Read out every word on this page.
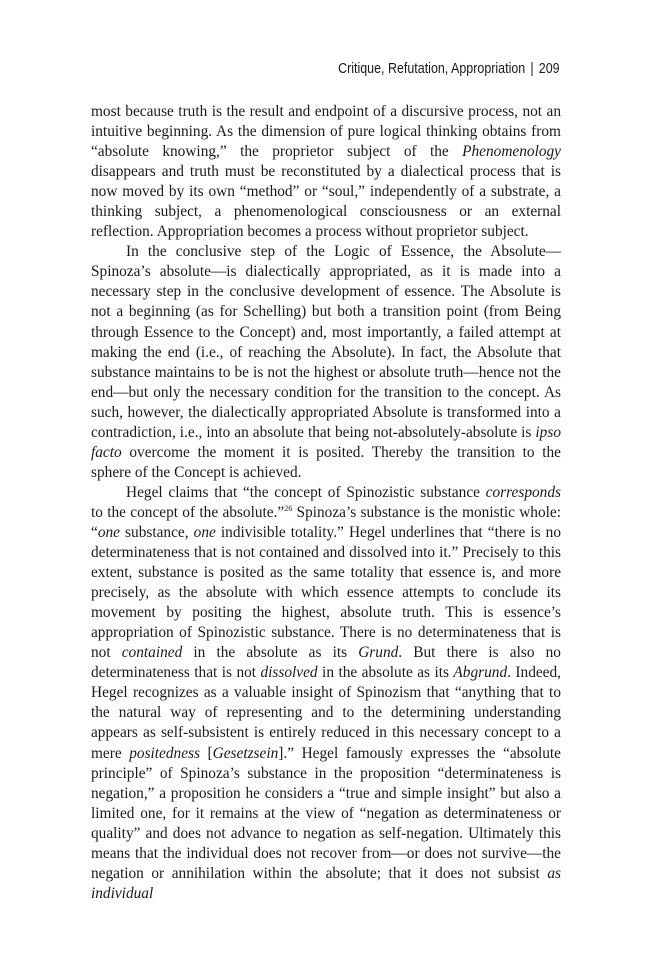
Critique, Refutation, Appropriation | 209

most because truth is the result and endpoint of a discursive process, not an intuitive beginning. As the dimension of pure logical thinking obtains from “absolute knowing,” the proprietor subject of the Phenomenology disappears and truth must be reconstituted by a dialectical process that is now moved by its own “method” or “soul,” independently of a substrate, a thinking subject, a phenomenological consciousness or an external reflection. Appropriation becomes a process without proprietor subject.

In the conclusive step of the Logic of Essence, the Absolute—Spinoza’s absolute—is dialectically appropriated, as it is made into a necessary step in the conclusive development of essence. The Absolute is not a beginning (as for Schelling) but both a transition point (from Being through Essence to the Concept) and, most importantly, a failed attempt at making the end (i.e., of reaching the Absolute). In fact, the Absolute that substance maintains to be is not the highest or absolute truth—hence not the end—but only the necessary condition for the transition to the concept. As such, however, the dialectically appropriated Absolute is transformed into a contradiction, i.e., into an absolute that being not-absolutely-absolute is ipso facto overcome the moment it is posited. Thereby the transition to the sphere of the Concept is achieved.

Hegel claims that “the concept of Spinozistic substance corresponds to the concept of the absolute.”$^{26}$ Spinoza’s substance is the monistic whole: “one substance, one indivisible totality.” Hegel underlines that “there is no determinateness that is not contained and dissolved into it.” Precisely to this extent, substance is posited as the same totality that essence is, and more precisely, as the absolute with which essence attempts to conclude its movement by positing the highest, absolute truth. This is essence’s appropriation of Spinozistic substance. There is no determinateness that is not contained in the absolute as its Grund. But there is also no determinateness that is not dissolved in the absolute as its Abgrund. Indeed, Hegel recognizes as a valuable insight of Spinozism that “anything that to the natural way of representing and to the determining understanding appears as self-subsistent is entirely reduced in this necessary concept to a mere positedness [Gesetzsein].” Hegel famously expresses the “absolute principle” of Spinoza’s substance in the proposition “determinateness is negation,” a proposition he considers a “true and simple insight” but also a limited one, for it remains at the view of “negation as determinateness or quality” and does not advance to negation as self-negation. Ultimately this means that the individual does not recover from—or does not survive—the negation or annihilation within the absolute; that it does not subsist as individual
